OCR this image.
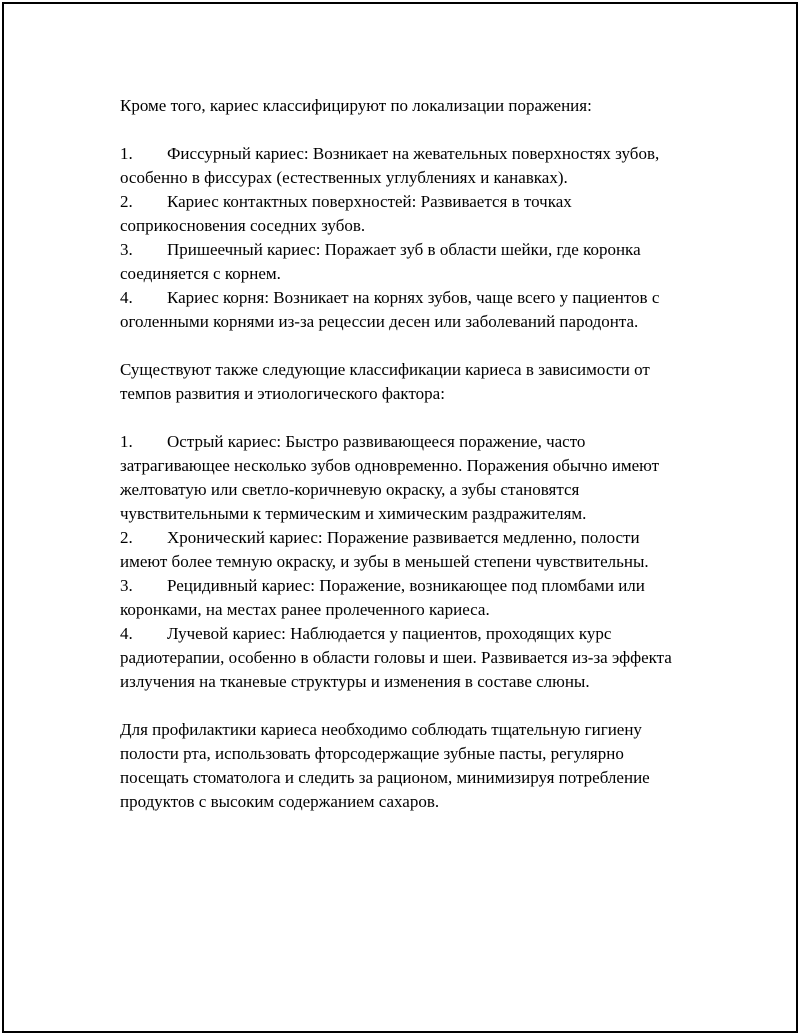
Кроме того, кариес классифицируют по локализации поражения:

1. Фиссурный кариес: Возникает на жевательных поверхностях зубов, особенно в фиссурах (естественных углублениях и канавках).

2. Кариес контактных поверхностей: Развивается в точках соприкосновения соседних зубов.

3. Пришеечный кариес: Поражает зуб в области шейки, где коронка соединяется с корнем.

4. Кариес корня: Возникает на корнях зубов, чаще всего у пациентов с оголенными корнями из-за рецессии десен или заболеваний пародонта.

Существуют также следующие классификации кариеса в зависимости от темпов развития и этиологического фактора:

1. Острый кариес: Быстро развивающееся поражение, часто затрагивающее несколько зубов одновременно. Поражения обычно имеют желтоватую или светло-коричневую окраску, а зубы становятся чувствительными к термическим и химическим раздражителям.

2. Хронический кариес: Поражение развивается медленно, полости имеют более темную окраску, и зубы в меньшей степени чувствительны.

3. Рецидивный кариес: Поражение, возникающее под пломбами или коронками, на местах ранее пролеченного кариеса.

4. Лучевой кариес: Наблюдается у пациентов, проходящих курс радиотерапии, особенно в области головы и шеи. Развивается из-за эффекта излучения на тканевые структуры и изменения в составе слюны.

Для профилактики кариеса необходимо соблюдать тщательную гигиену полости рта, использовать фторсодержащие зубные пасты, регулярно посещать стоматолога и следить за рационом, минимизируя потребление продуктов с высоким содержанием сахаров.
